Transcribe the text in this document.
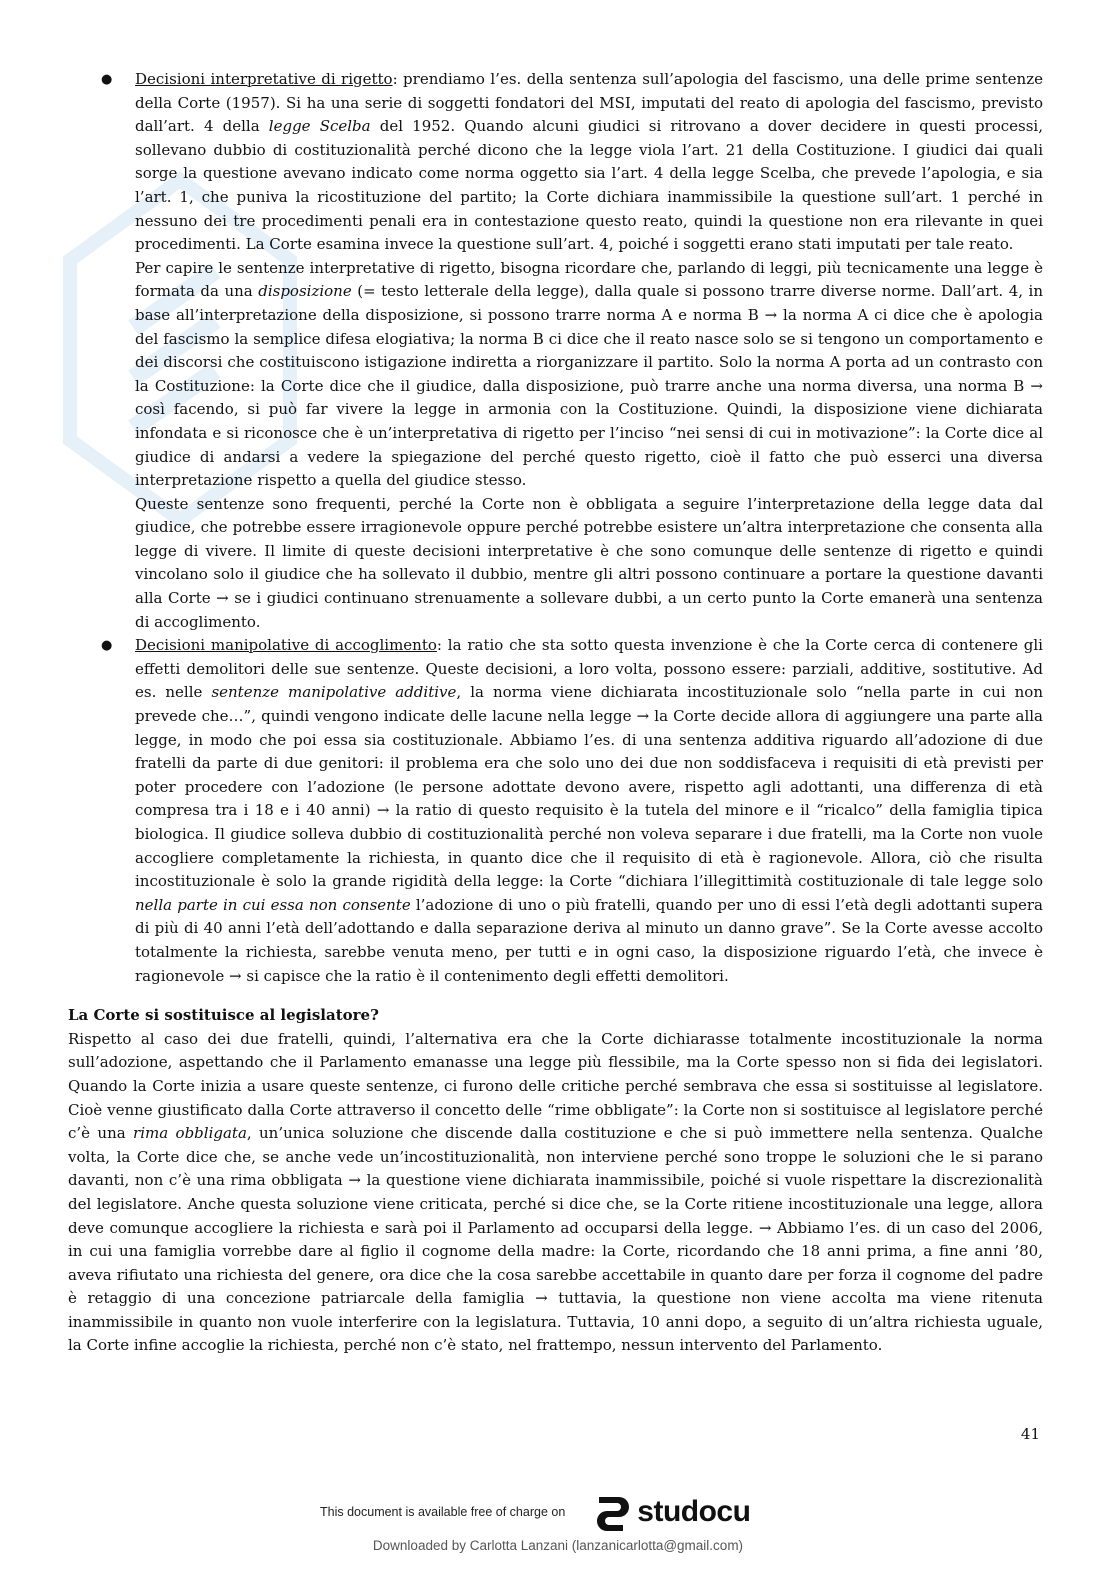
● Decisioni interpretative di rigetto: prendiamo l’es. della sentenza sull’apologia del fascismo, una delle prime sentenze della Corte (1957). Si ha una serie di soggetti fondatori del MSI, imputati del reato di apologia del fascismo, previsto dall’art. 4 della legge Scelba del 1952. Quando alcuni giudici si ritrovano a dover decidere in questi processi, sollevano dubbio di costituzionalità perché dicono che la legge viola l’art. 21 della Costituzione. I giudici dai quali sorge la questione avevano indicato come norma oggetto sia l’art. 4 della legge Scelba, che prevede l’apologia, e sia l’art. 1, che puniva la ricostituzione del partito; la Corte dichiara inammissibile la questione sull’art. 1 perché in nessuno dei tre procedimenti penali era in contestazione questo reato, quindi la questione non era rilevante in quei procedimenti. La Corte esamina invece la questione sull’art. 4, poiché i soggetti erano stati imputati per tale reato.

Per capire le sentenze interpretative di rigetto, bisogna ricordare che, parlando di leggi, più tecnicamente una legge è formata da una disposizione (= testo letterale della legge), dalla quale si possono trarre diverse norme. Dall’art. 4, in base all’interpretazione della disposizione, si possono trarre norma A e norma B → la norma A ci dice che è apologia del fascismo la semplice difesa elogiativa; la norma B ci dice che il reato nasce solo se si tengono un comportamento e dei discorsi che costituiscono istigazione indiretta a riorganizzare il partito. Solo la norma A porta ad un contrasto con la Costituzione: la Corte dice che il giudice, dalla disposizione, può trarre anche una norma diversa, una norma B → così facendo, si può far vivere la legge in armonia con la Costituzione. Quindi, la disposizione viene dichiarata infondata e si riconosce che è un’interpretativa di rigetto per l’inciso “nei sensi di cui in motivazione”: la Corte dice al giudice di andarsi a vedere la spiegazione del perché questo rigetto, cioè il fatto che può esserci una diversa interpretazione rispetto a quella del giudice stesso.

Queste sentenze sono frequenti, perché la Corte non è obbligata a seguire l’interpretazione della legge data dal giudice, che potrebbe essere irragionevole oppure perché potrebbe esistere un’altra interpretazione che consenta alla legge di vivere. Il limite di queste decisioni interpretative è che sono comunque delle sentenze di rigetto e quindi vincolano solo il giudice che ha sollevato il dubbio, mentre gli altri possono continuare a portare la questione davanti alla Corte → se i giudici continuano strenuamente a sollevare dubbi, a un certo punto la Corte emanerà una sentenza di accoglimento.

● Decisioni manipolative di accoglimento: la ratio che sta sotto questa invenzione è che la Corte cerca di contenere gli effetti demolitori delle sue sentenze. Queste decisioni, a loro volta, possono essere: parziali, additive, sostitutive. Ad es. nelle sentenze manipolative additive, la norma viene dichiarata incostituzionale solo “nella parte in cui non prevede che…”, quindi vengono indicate delle lacune nella legge → la Corte decide allora di aggiungere una parte alla legge, in modo che poi essa sia costituzionale. Abbiamo l’es. di una sentenza additiva riguardo all’adozione di due fratelli da parte di due genitori: il problema era che solo uno dei due non soddisfaceva i requisiti di età previsti per poter procedere con l’adozione (le persone adottate devono avere, rispetto agli adottanti, una differenza di età compresa tra i 18 e i 40 anni) → la ratio di questo requisito è la tutela del minore e il “ricalco” della famiglia tipica biologica. Il giudice solleva dubbio di costituzionalità perché non voleva separare i due fratelli, ma la Corte non vuole accogliere completamente la richiesta, in quanto dice che il requisito di età è ragionevole. Allora, ciò che risulta incostituzionale è solo la grande rigidità della legge: la Corte “dichiara l’illegittimità costituzionale di tale legge solo nella parte in cui essa non consente l’adozione di uno o più fratelli, quando per uno di essi l’età degli adottanti supera di più di 40 anni l’età dell’adottando e dalla separazione deriva al minuto un danno grave”. Se la Corte avesse accolto totalmente la richiesta, sarebbe venuta meno, per tutti e in ogni caso, la disposizione riguardo l’età, che invece è ragionevole → si capisce che la ratio è il contenimento degli effetti demolitori.

La Corte si sostituisce al legislatore?

Rispetto al caso dei due fratelli, quindi, l’alternativa era che la Corte dichiarasse totalmente incostituzionale la norma sull’adozione, aspettando che il Parlamento emanasse una legge più flessibile, ma la Corte spesso non si fida dei legislatori. Quando la Corte inizia a usare queste sentenze, ci furono delle critiche perché sembrava che essa si sostituisse al legislatore. Cioè venne giustificato dalla Corte attraverso il concetto delle “rime obbligate”: la Corte non si sostituisce al legislatore perché c’è una rima obbligata, un’unica soluzione che discende dalla costituzione e che si può immettere nella sentenza. Qualche volta, la Corte dice che, se anche vede un’incostituzionalità, non interviene perché sono troppe le soluzioni che le si parano davanti, non c’è una rima obbligata → la questione viene dichiarata inammissibile, poiché si vuole rispettare la discrezionalità del legislatore. Anche questa soluzione viene criticata, perché si dice che, se la Corte ritiene incostituzionale una legge, allora deve comunque accogliere la richiesta e sarà poi il Parlamento ad occuparsi della legge. → Abbiamo l’es. di un caso del 2006, in cui una famiglia vorrebbe dare al figlio il cognome della madre: la Corte, ricordando che 18 anni prima, a fine anni ’80, aveva rifiutato una richiesta del genere, ora dice che la cosa sarebbe accettabile in quanto dare per forza il cognome del padre è retaggio di una concezione patriarcale della famiglia → tuttavia, la questione non viene accolta ma viene ritenuta inammissibile in quanto non vuole interferire con la legislatura. Tuttavia, 10 anni dopo, a seguito di un’altra richiesta uguale, la Corte infine accoglie la richiesta, perché non c’è stato, nel frattempo, nessun intervento del Parlamento.

41
This document is available free of charge on studocu
Downloaded by Carlotta Lanzani (lanzanicarlotta@gmail.com)
